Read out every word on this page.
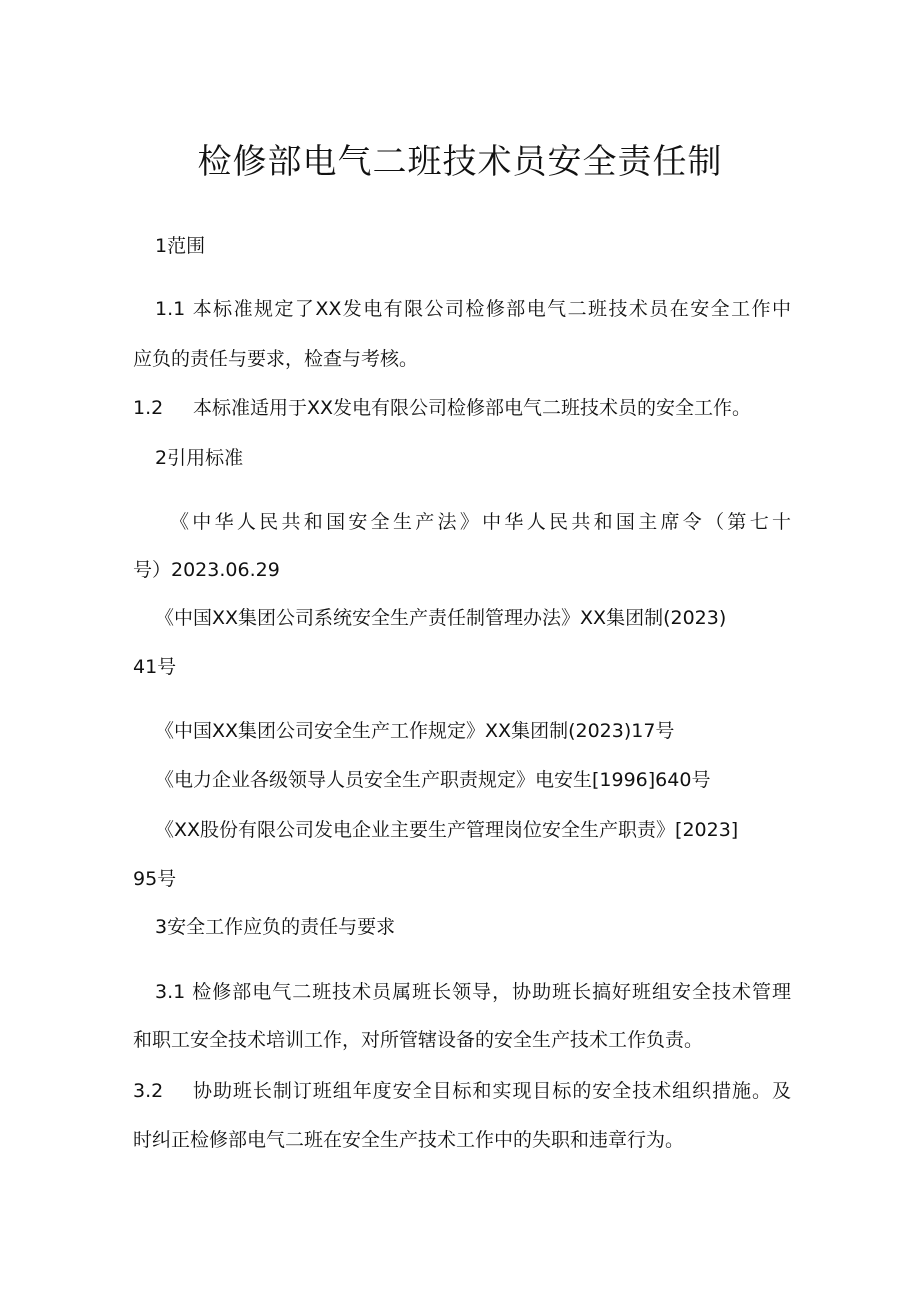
检修部电气二班技术员安全责任制
1范围
1.1 本标准规定了XX发电有限公司检修部电气二班技术员在安全工作中
应负的责任与要求，检查与考核。
1.2 本标准适用于XX发电有限公司检修部电气二班技术员的安全工作。
2引用标准
《中华人民共和国安全生产法》中华人民共和国主席令（第七十
号）2023.06.29
《中国XX集团公司系统安全生产责任制管理办法》XX集团制(2023)
41号
《中国XX集团公司安全生产工作规定》XX集团制(2023)17号
《电力企业各级领导人员安全生产职责规定》电安生[1996]640号
《XX股份有限公司发电企业主要生产管理岗位安全生产职责》[2023]
95号
3安全工作应负的责任与要求
3.1 检修部电气二班技术员属班长领导，协助班长搞好班组安全技术管理
和职工安全技术培训工作，对所管辖设备的安全生产技术工作负责。
3.2 协助班长制订班组年度安全目标和实现目标的安全技术组织措施。及
时纠正检修部电气二班在安全生产技术工作中的失职和违章行为。
